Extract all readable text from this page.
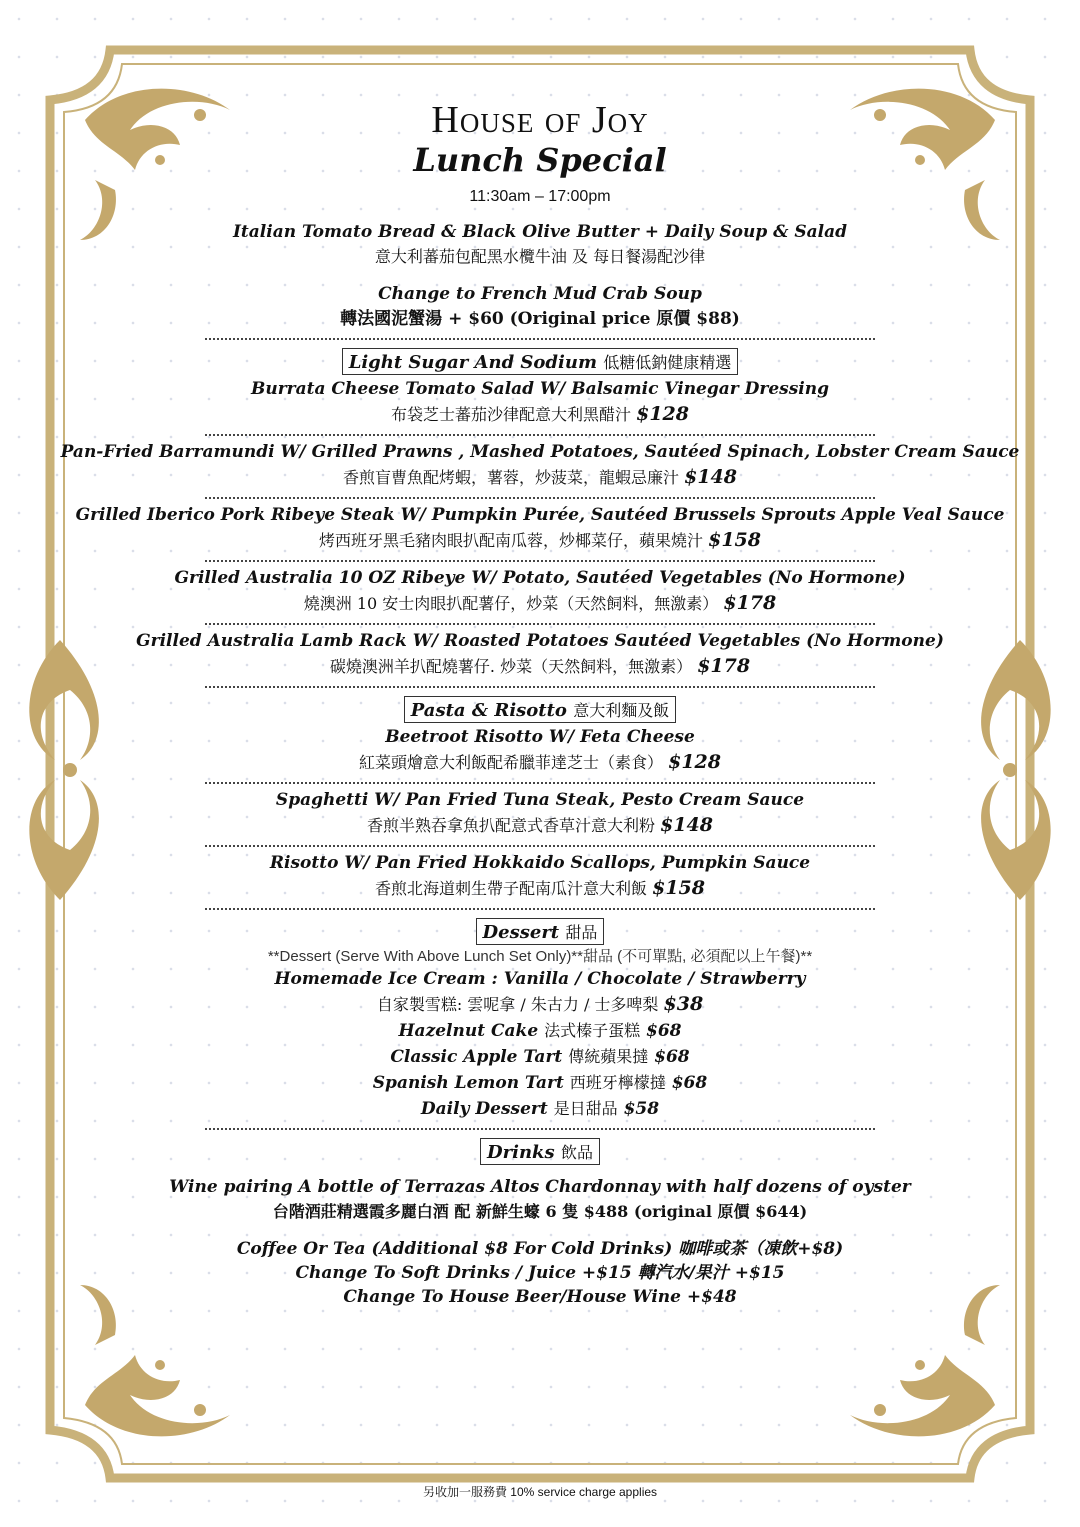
House of Joy
Lunch Special
11:30am – 17:00pm
Italian Tomato Bread & Black Olive Butter + Daily Soup & Salad
意大利蕃茄包配黑水欖牛油 及 每日餐湯配沙律
Change to French Mud Crab Soup
轉法國泥蟹湯 + $60 (Original price 原價 $88)
Light Sugar And Sodium 低糖低鈉健康精選
Burrata Cheese Tomato Salad W/ Balsamic Vinegar Dressing
布袋芝士蕃茄沙律配意大利黑醋汁 $128
Pan-Fried Barramundi W/ Grilled Prawns , Mashed Potatoes, Sautéed Spinach, Lobster Cream Sauce
香煎盲曹魚配烤蝦，薯蓉，炒菠菜，龍蝦忌廉汁 $148
Grilled Iberico Pork Ribeye Steak W/ Pumpkin Purée, Sautéed Brussels Sprouts Apple Veal Sauce
烤西班牙黑毛豬肉眼扒配南瓜蓉，炒椰菜仔，蘋果燒汁 $158
Grilled Australia 10 OZ Ribeye W/ Potato, Sautéed Vegetables (No Hormone)
燒澳洲 10 安士肉眼扒配薯仔，炒菜（天然飼料，無激素） $178
Grilled Australia Lamb Rack W/ Roasted Potatoes Sautéed Vegetables (No Hormone)
碳燒澳洲羊扒配燒薯仔. 炒菜（天然飼料，無激素） $178
Pasta & Risotto 意大利麵及飯
Beetroot Risotto W/ Feta Cheese
紅菜頭燴意大利飯配希臘菲達芝士（素食） $128
Spaghetti W/ Pan Fried Tuna Steak, Pesto Cream Sauce
香煎半熟吞拿魚扒配意式香草汁意大利粉 $148
Risotto W/ Pan Fried Hokkaido Scallops, Pumpkin Sauce
香煎北海道刺生帶子配南瓜汁意大利飯 $158
Dessert 甜品
**Dessert (Serve With Above Lunch Set Only)**甜品 (不可單點, 必須配以上午餐)**
Homemade Ice Cream : Vanilla / Chocolate / Strawberry
自家製雪糕: 雲呢拿 / 朱古力 / 士多啤梨 $38
Hazelnut Cake 法式榛子蛋糕 $68
Classic Apple Tart 傳統蘋果撻 $68
Spanish Lemon Tart 西班牙檸檬撻 $68
Daily Dessert 是日甜品 $58
Drinks 飲品
Wine pairing A bottle of Terrazas Altos Chardonnay with half dozens of oyster
台階酒莊精選霞多麗白酒 配 新鮮生蠔 6 隻 $488 (original 原價 $644)
Coffee Or Tea (Additional $8 For Cold Drinks) 咖啡或茶（凍飲+$8)
Change To Soft Drinks / Juice +$15 轉汽水/果汁 +$15
Change To House Beer/House Wine +$48
另收加一服務費 10% service charge applies
